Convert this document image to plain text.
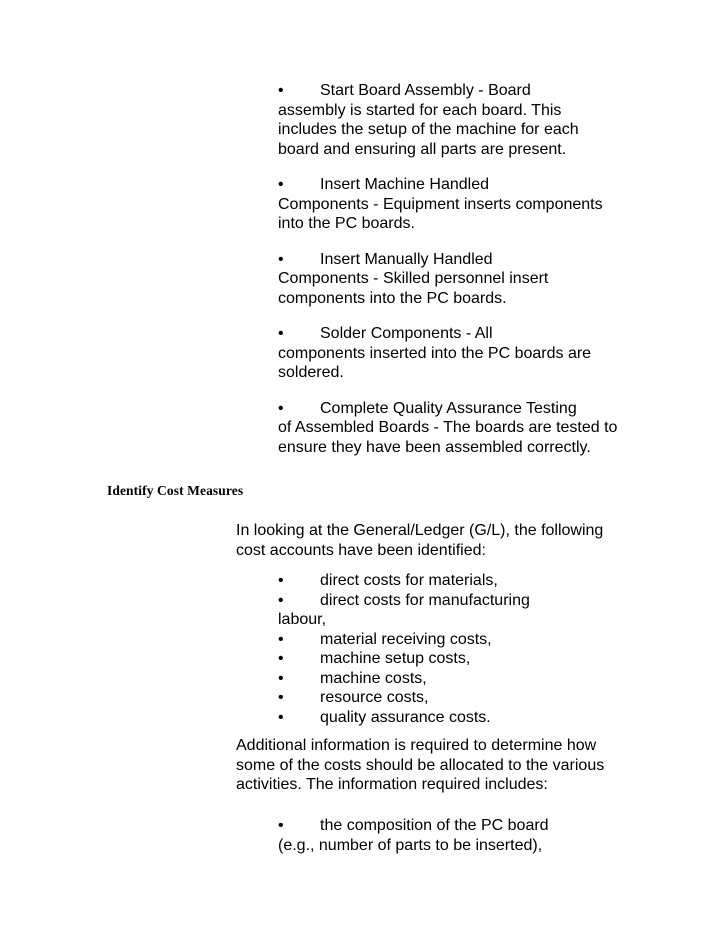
• Start Board Assembly - Board
assembly is started for each board. This includes the setup of the machine for each board and ensuring all parts are present.

• Insert Machine Handled
Components - Equipment inserts components into the PC boards.

• Insert Manually Handled
Components - Skilled personnel insert components into the PC boards.

• Solder Components - All
components inserted into the PC boards are soldered.

• Complete Quality Assurance Testing
of Assembled Boards - The boards are tested to ensure they have been assembled correctly.

Identify Cost Measures

In looking at the General/Ledger (G/L), the following cost accounts have been identified:

• direct costs for materials,
• direct costs for manufacturing
labour,
• material receiving costs,
• machine setup costs,
• machine costs,
• resource costs,
• quality assurance costs.

Additional information is required to determine how some of the costs should be allocated to the various activities. The information required includes:

• the composition of the PC board
(e.g., number of parts to be inserted),
